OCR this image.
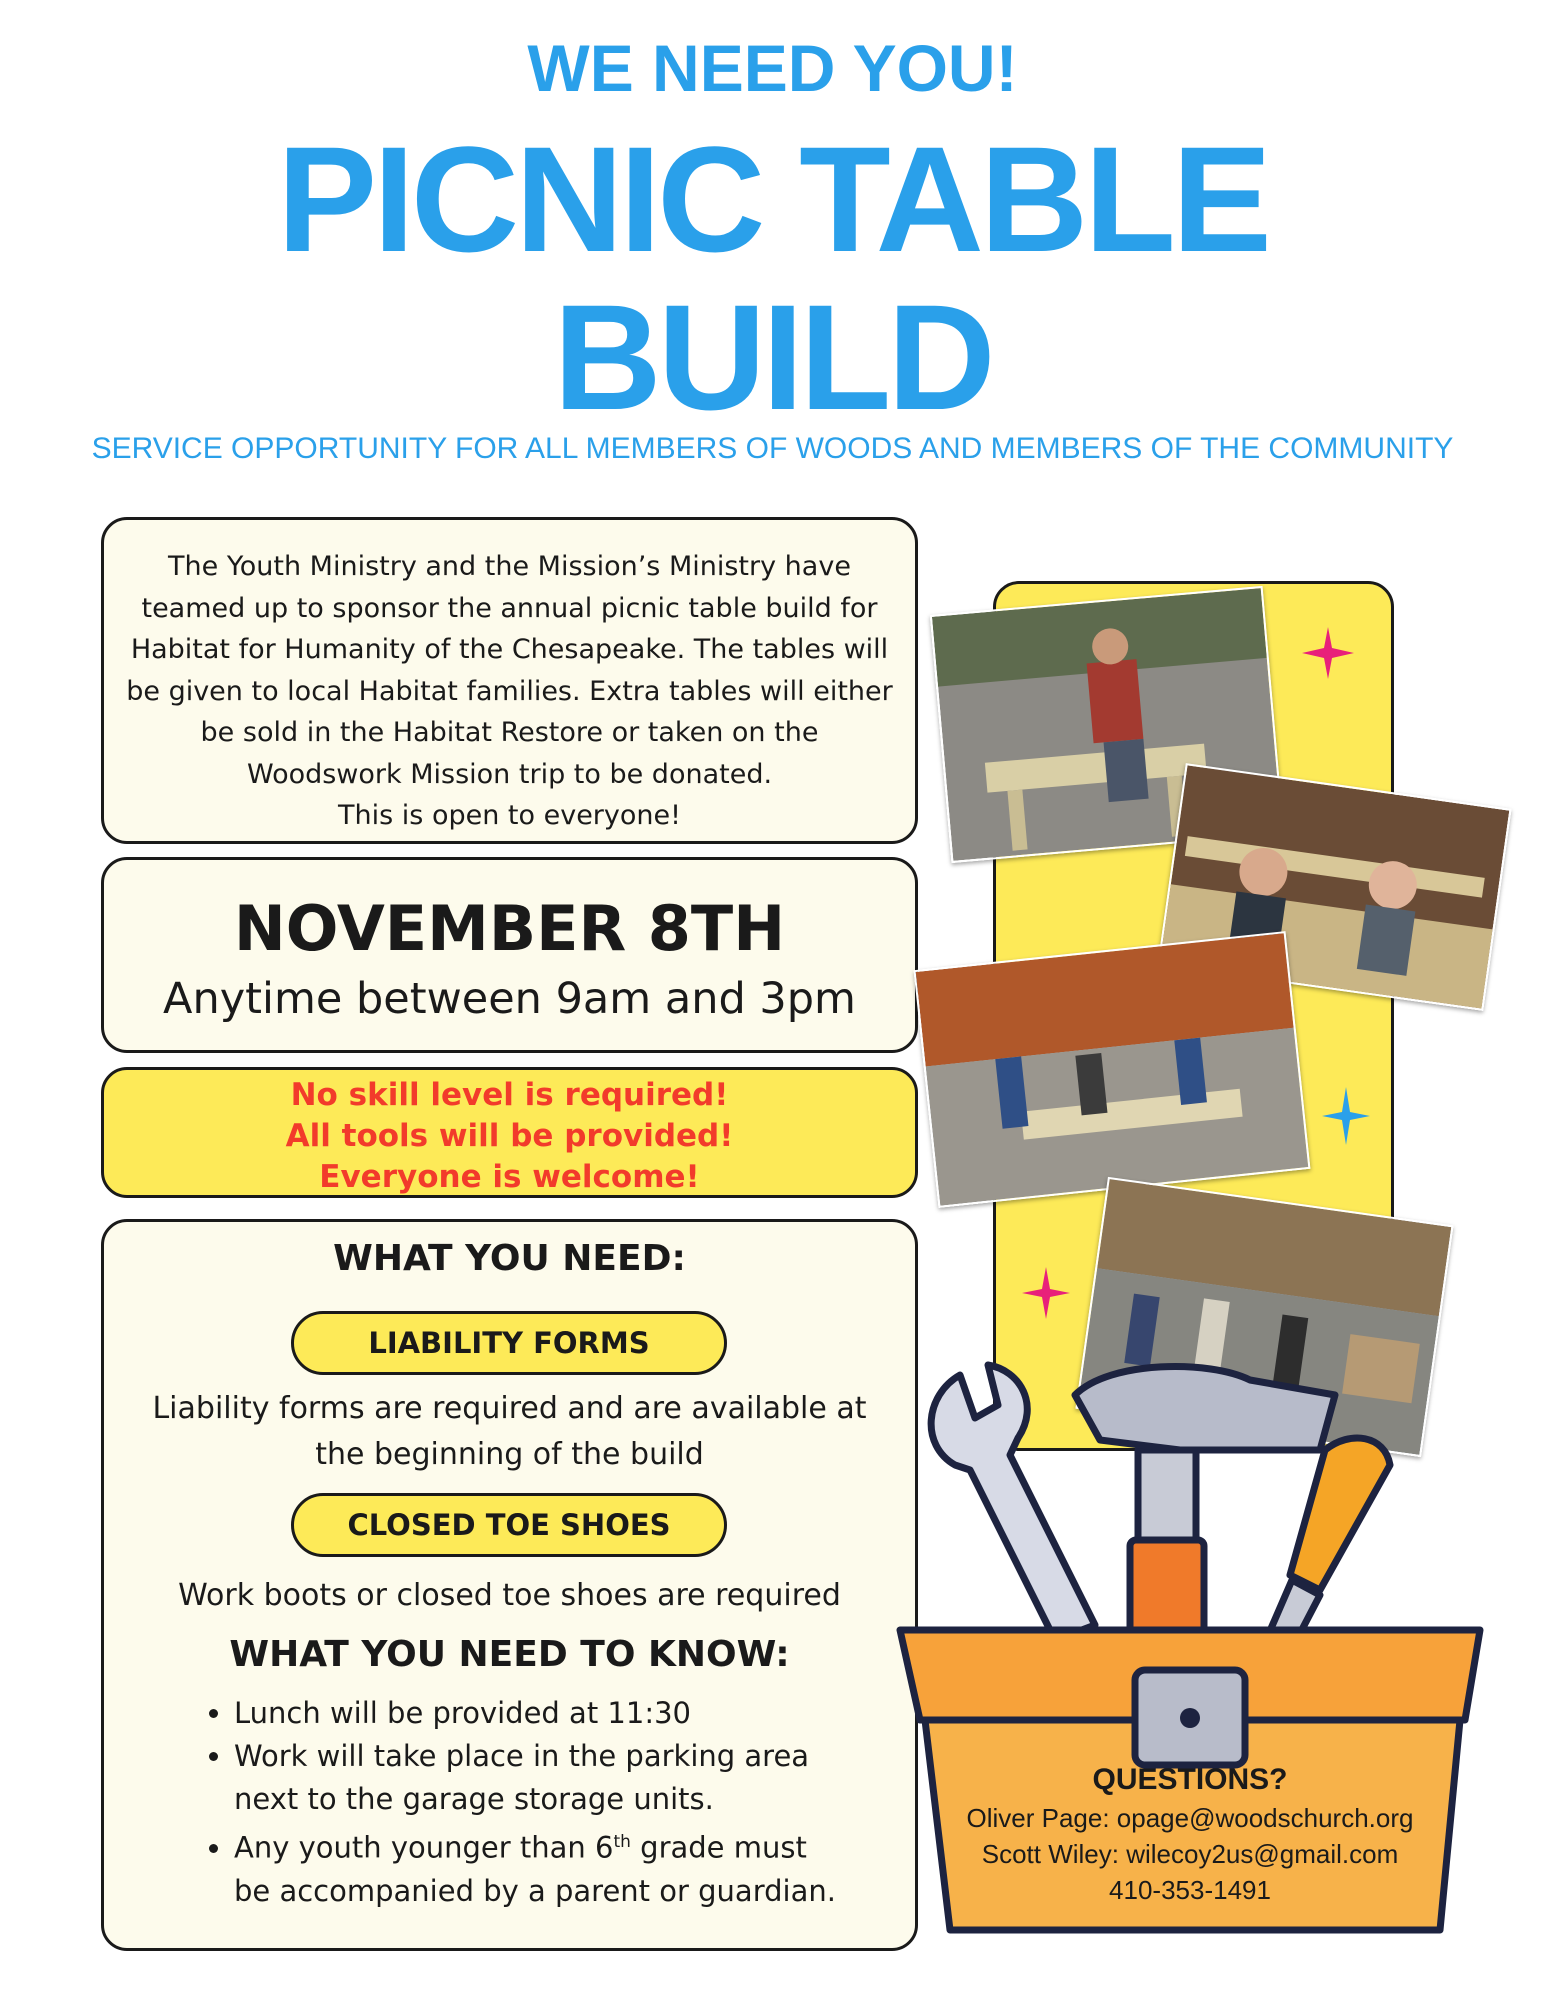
WE NEED YOU!
PICNIC TABLE
BUILD
SERVICE OPPORTUNITY FOR ALL MEMBERS OF WOODS AND MEMBERS OF THE COMMUNITY
The Youth Ministry and the Mission’s Ministry have
teamed up to sponsor the annual picnic table build for
Habitat for Humanity of the Chesapeake. The tables will
be given to local Habitat families. Extra tables will either
be sold in the Habitat Restore or taken on the
Woodswork Mission trip to be donated.
This is open to everyone!
NOVEMBER 8TH
Anytime between 9am and 3pm
No skill level is required!
All tools will be provided!
Everyone is welcome!
WHAT YOU NEED:
LIABILITY FORMS
Liability forms are required and are available at
the beginning of the build
CLOSED TOE SHOES
Work boots or closed toe shoes are required
WHAT YOU NEED TO KNOW:
• Lunch will be provided at 11:30
• Work will take place in the parking area
next to the garage storage units.
• Any youth younger than 6th grade must
be accompanied by a parent or guardian.
QUESTIONS?
Oliver Page: opage@woodschurch.org
Scott Wiley: wilecoy2us@gmail.com
410-353-1491
